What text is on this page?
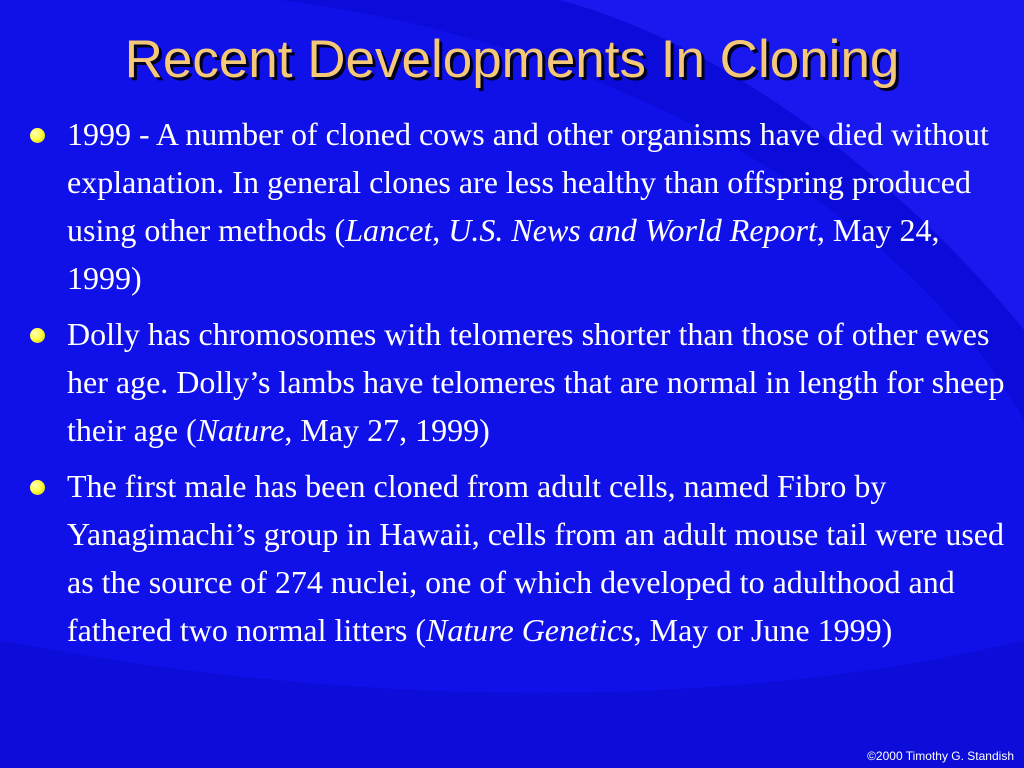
Recent Developments In Cloning
1999 - A number of cloned cows and other organisms have died without explanation. In general clones are less healthy than offspring produced using other methods (Lancet, U.S. News and World Report, May 24, 1999)
Dolly has chromosomes with telomeres shorter than those of other ewes her age. Dolly’s lambs have telomeres that are normal in length for sheep their age (Nature, May 27, 1999)
The first male has been cloned from adult cells, named Fibro by Yanagimachi’s group in Hawaii, cells from an adult mouse tail were used as the source of 274 nuclei, one of which developed to adulthood and fathered two normal litters (Nature Genetics, May or June 1999)
©2000 Timothy G. Standish
